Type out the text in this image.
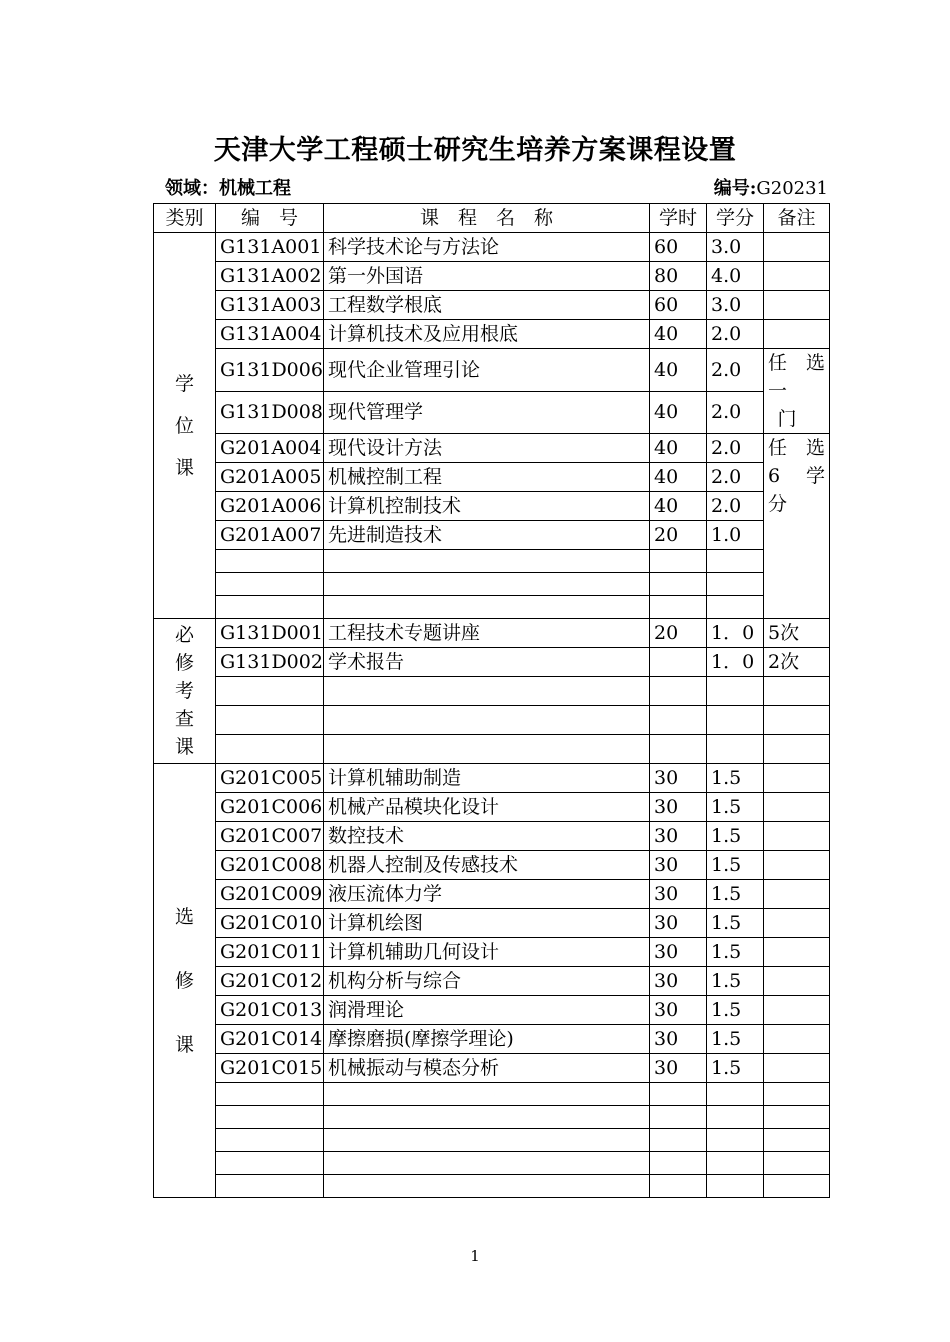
天津大学工程硕士研究生培养方案课程设置
领域：机械工程	编号:G20231
类别	编　号	课　程　名　称	学时	学分	备注

学
位
课	G131A001	科学技术论与方法论	60	3.0	
	G131A002	第一外国语	80	4.0	
	G131A003	工程数学根底	60	3.0	
	G131A004	计算机技术及应用根底	40	2.0	
	G131D006	现代企业管理引论	40	2.0	任 选
一
门

	G131D008	现代管理学	40	2.0	
	G201A004	现代设计方法	40	2.0	任 选
6 学
分

	G201A005	机械控制工程	40	2.0	
	G201A006	计算机控制技术	40	2.0	
	G201A007	先进制造技术	20	1.0	

必
修
考
查
课	G131D001	工程技术专题讲座	20	1．0	5次
	G131D002	学术报告		1．0	2次

选
修
课	G201C005	计算机辅助制造	30	1.5	
	G201C006	机械产品模块化设计	30	1.5	
	G201C007	数控技术	30	1.5	
	G201C008	机器人控制及传感技术	30	1.5	
	G201C009	液压流体力学	30	1.5	
	G201C010	计算机绘图	30	1.5	
	G201C011	计算机辅助几何设计	30	1.5	
	G201C012	机构分析与综合	30	1.5	
	G201C013	润滑理论	30	1.5	
	G201C014	摩擦磨损(摩擦学理论)	30	1.5	
	G201C015	机械振动与模态分析	30	1.5	

1
